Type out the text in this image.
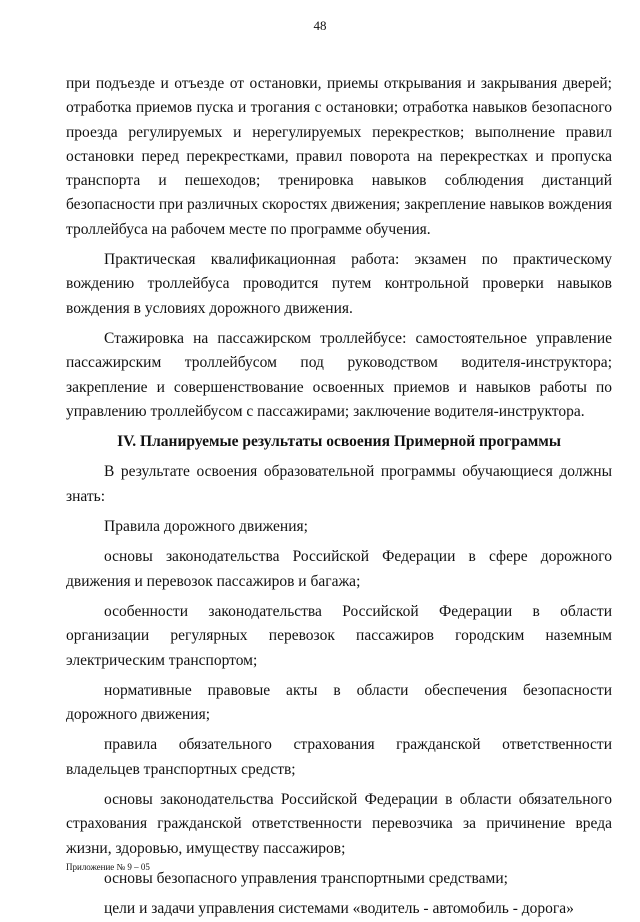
48

при подъезде и отъезде от остановки, приемы открывания и закрывания дверей; отработка приемов пуска и трогания с остановки; отработка навыков безопасного проезда регулируемых и нерегулируемых перекрестков; выполнение правил остановки перед перекрестками, правил поворота на перекрестках и пропуска транспорта и пешеходов; тренировка навыков соблюдения дистанций безопасности при различных скоростях движения; закрепление навыков вождения троллейбуса на рабочем месте по программе обучения.

Практическая квалификационная работа: экзамен по практическому вождению троллейбуса проводится путем контрольной проверки навыков вождения в условиях дорожного движения.

Стажировка на пассажирском троллейбусе: самостоятельное управление пассажирским троллейбусом под руководством водителя-инструктора; закрепление и совершенствование освоенных приемов и навыков работы по управлению троллейбусом с пассажирами; заключение водителя-инструктора.

IV. Планируемые результаты освоения Примерной программы

В результате освоения образовательной программы обучающиеся должны знать:

Правила дорожного движения;

основы законодательства Российской Федерации в сфере дорожного движения и перевозок пассажиров и багажа;

особенности законодательства Российской Федерации в области организации регулярных перевозок пассажиров городским наземным электрическим транспортом;

нормативные правовые акты в области обеспечения безопасности дорожного движения;

правила обязательного страхования гражданской ответственности владельцев транспортных средств;

основы законодательства Российской Федерации в области обязательного страхования гражданской ответственности перевозчика за причинение вреда жизни, здоровью, имуществу пассажиров;

основы безопасного управления транспортными средствами;

цели и задачи управления системами «водитель - автомобиль - дорога»

Приложение № 9 – 05
